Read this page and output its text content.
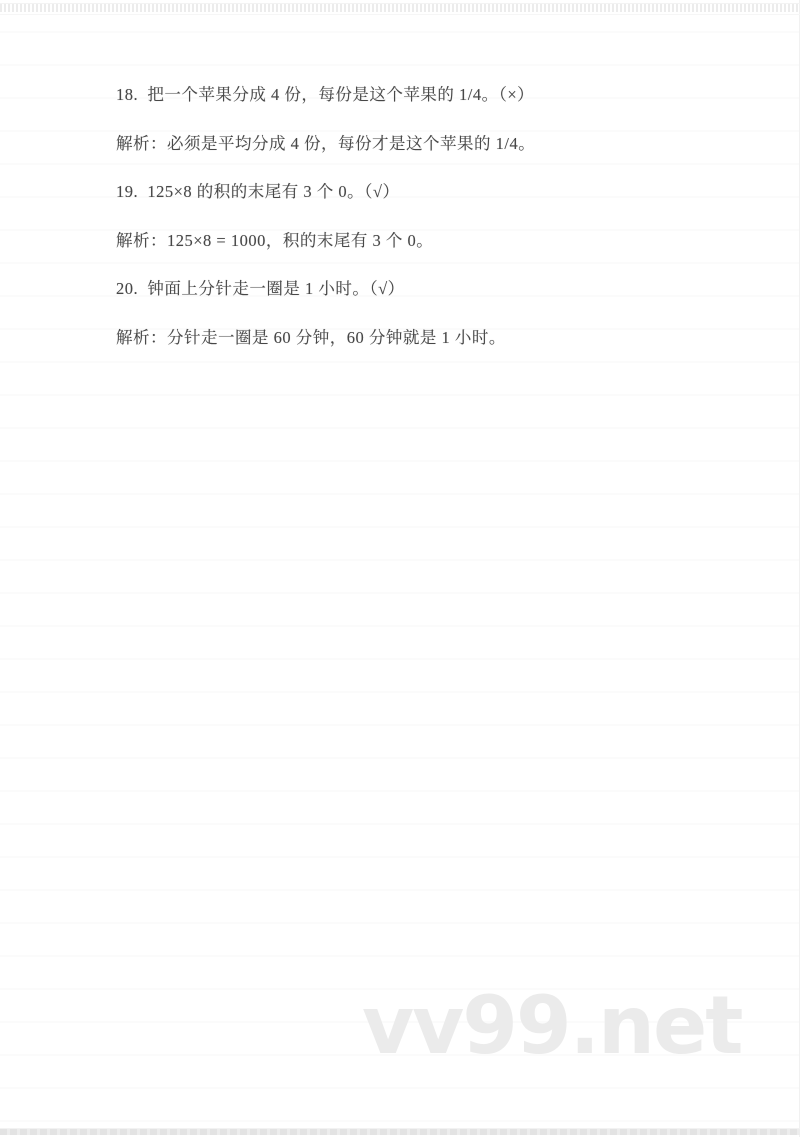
18.  把一个苹果分成 4 份，每份是这个苹果的 1/4。（×）

解析：必须是平均分成 4 份，每份才是这个苹果的 1/4。

19.  125×8 的积的末尾有 3 个 0。（√）

解析：125×8 = 1000，积的末尾有 3 个 0。

20.  钟面上分针走一圈是 1 小时。（√）

解析：分针走一圈是 60 分钟，60 分钟就是 1 小时。

vv99.net
